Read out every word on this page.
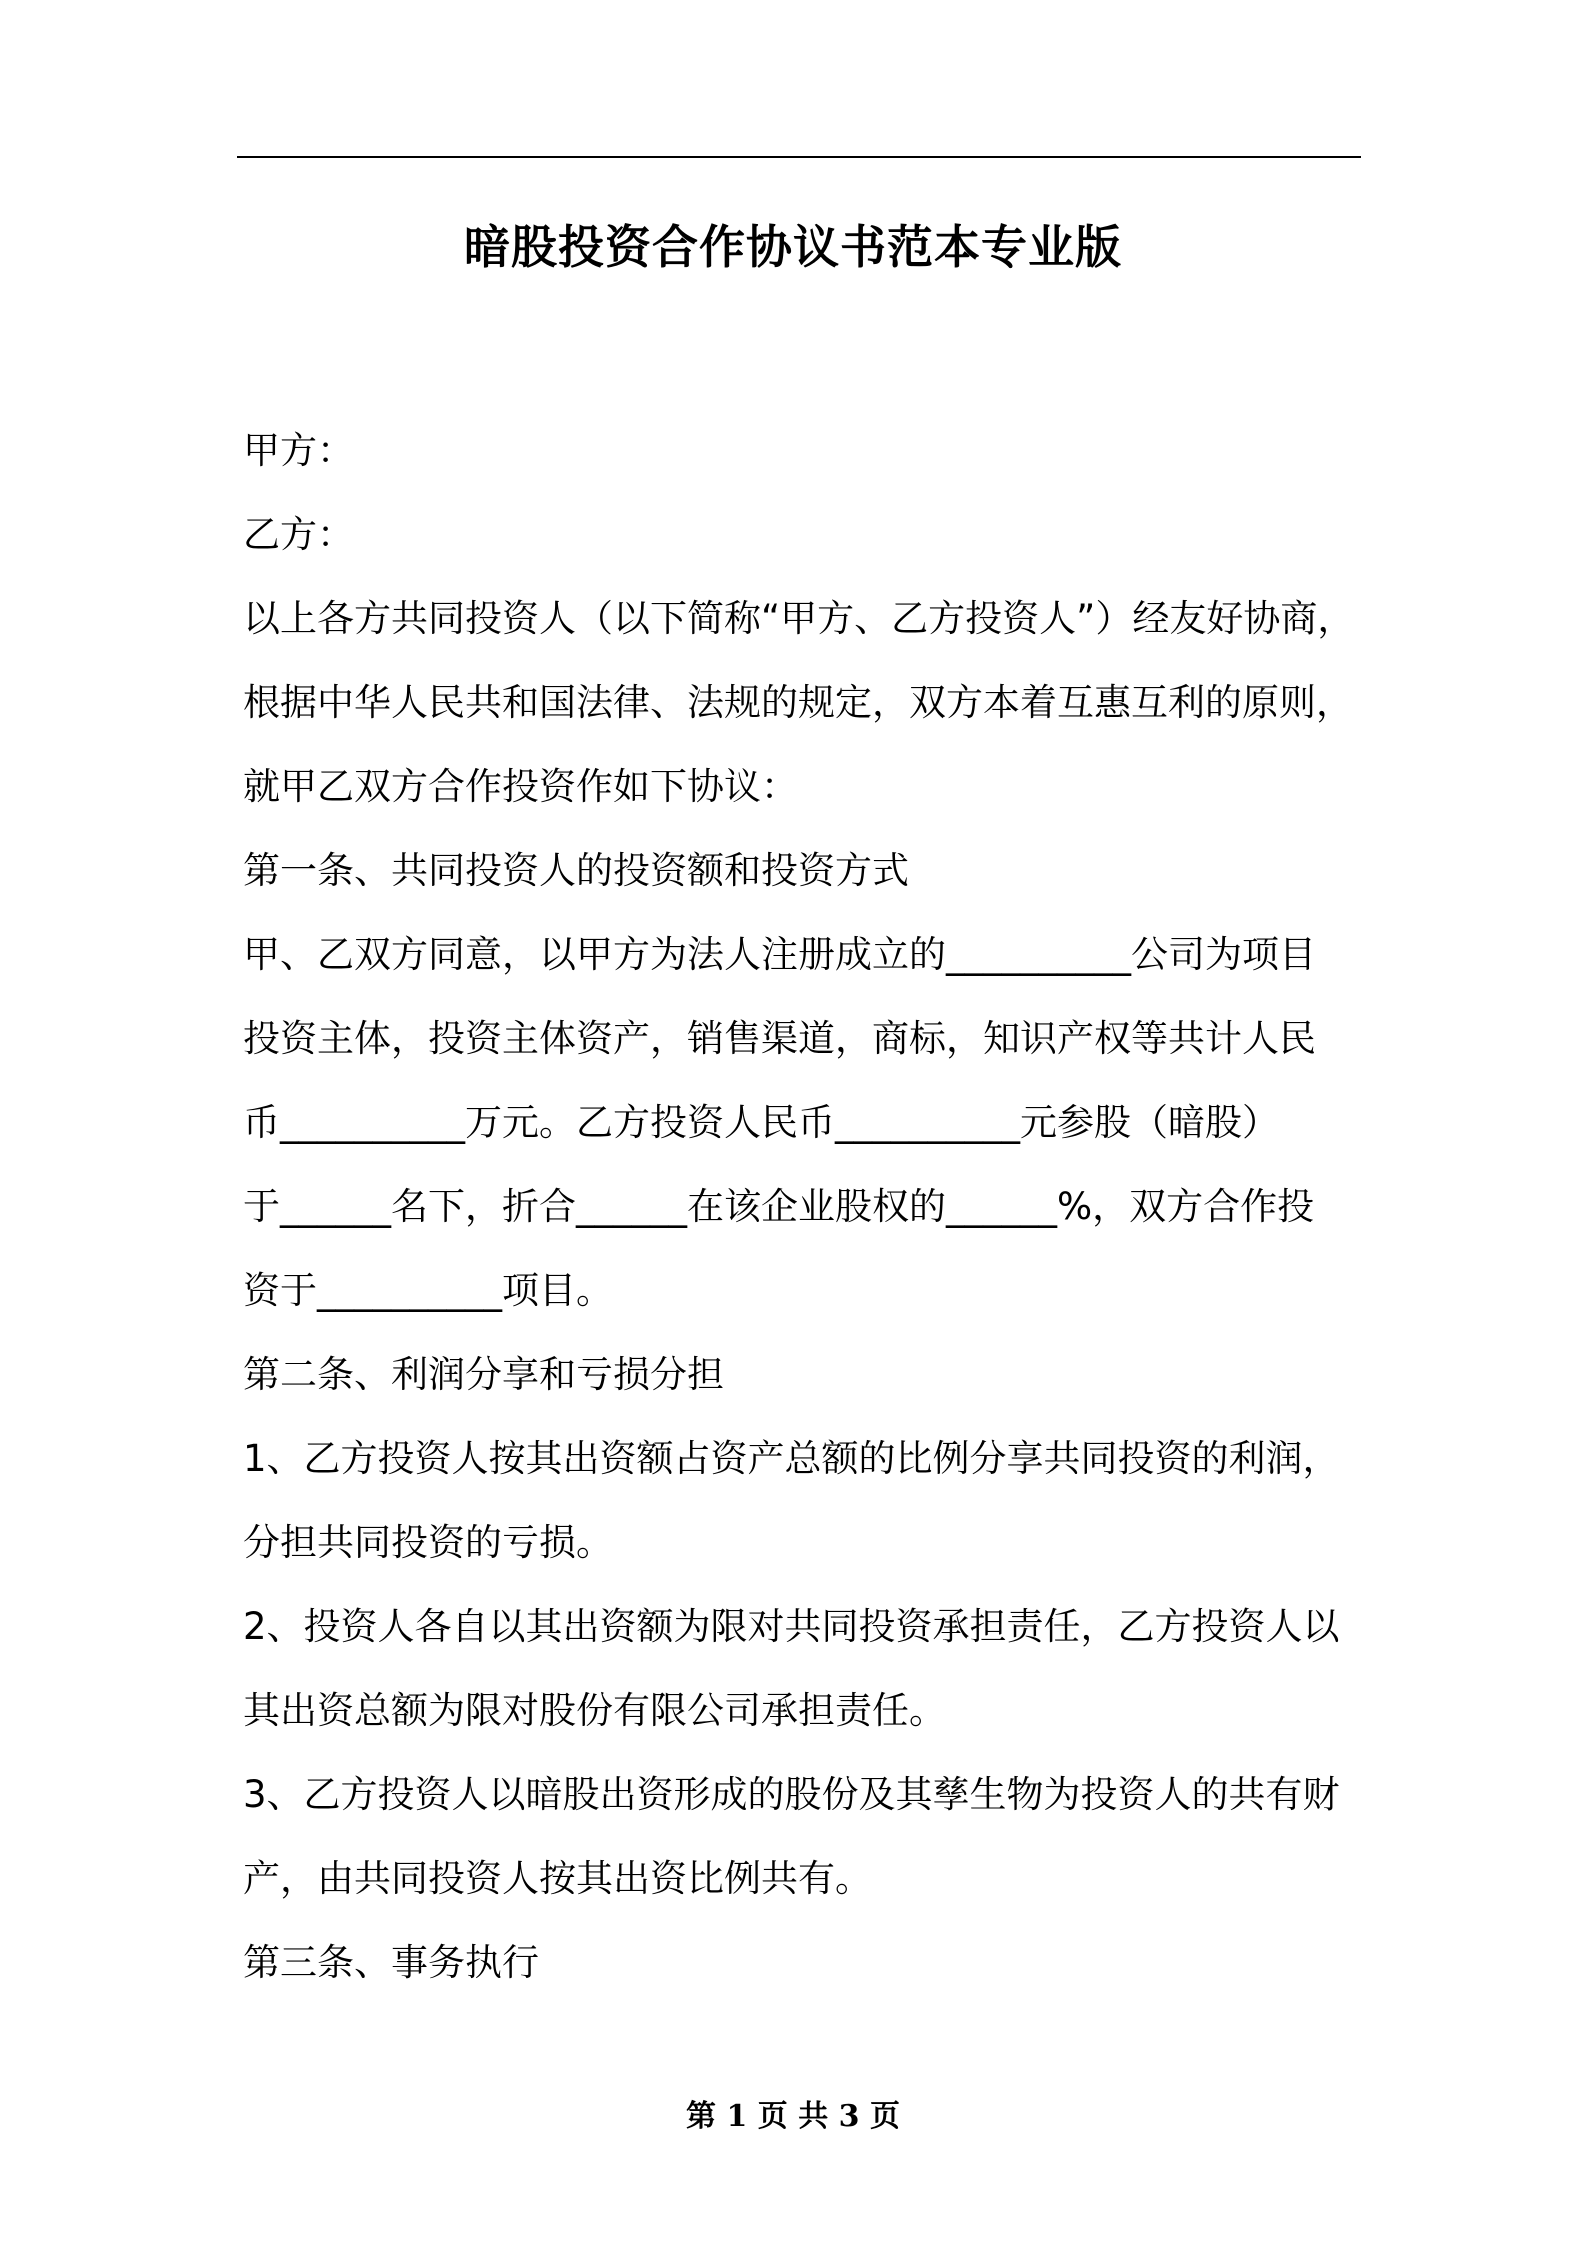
暗股投资合作协议书范本专业版

甲方：

乙方：

以上各方共同投资人（以下简称“甲方、乙方投资人”）经友好协商，

根据中华人民共和国法律、法规的规定，双方本着互惠互利的原则，

就甲乙双方合作投资作如下协议：

第一条、共同投资人的投资额和投资方式

甲、乙双方同意，以甲方为法人注册成立的__________公司为项目

投资主体，投资主体资产，销售渠道，商标，知识产权等共计人民

币__________万元。乙方投资人民币__________元参股（暗股）

于______名下，折合______在该企业股权的______%，双方合作投

资于__________项目。

第二条、利润分享和亏损分担

1、乙方投资人按其出资额占资产总额的比例分享共同投资的利润，

分担共同投资的亏损。

2、投资人各自以其出资额为限对共同投资承担责任，乙方投资人以

其出资总额为限对股份有限公司承担责任。

3、乙方投资人以暗股出资形成的股份及其孳生物为投资人的共有财

产，由共同投资人按其出资比例共有。

第三条、事务执行

第 1 页 共 3 页
